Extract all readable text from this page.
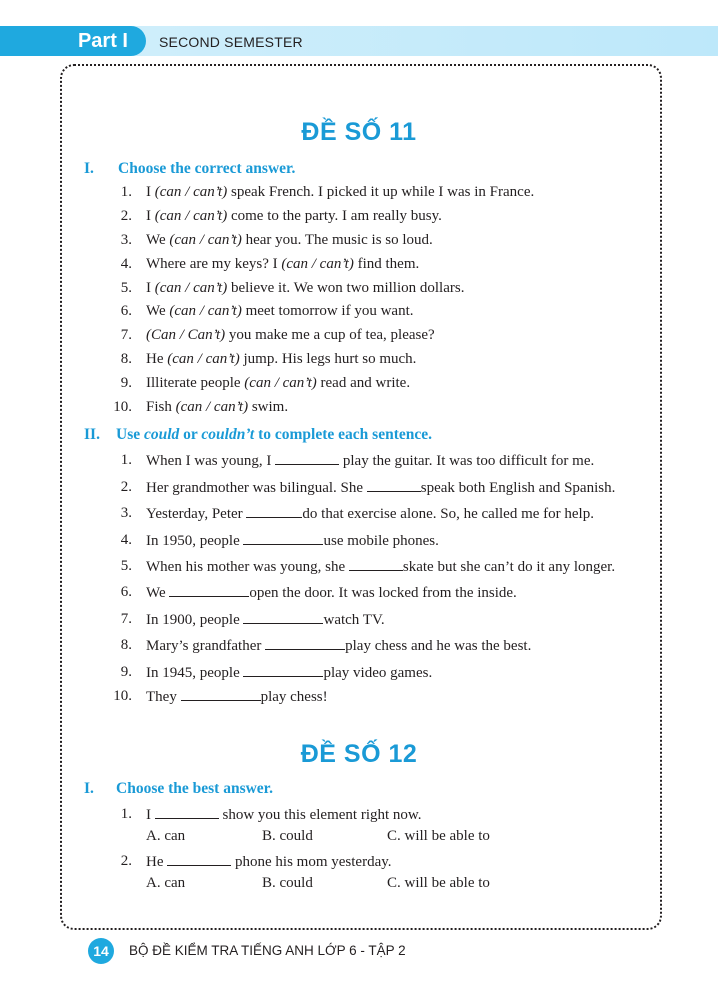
Part I	SECOND SEMESTER
ĐỀ SỐ 11
I. Choose the correct answer.
1. I (can / can’t) speak French. I picked it up while I was in France.
2. I (can / can’t) come to the party. I am really busy.
3. We (can / can’t) hear you. The music is so loud.
4. Where are my keys? I (can / can’t) find them.
5. I (can / can’t) believe it. We won two million dollars.
6. We (can / can’t) meet tomorrow if you want.
7. (Can / Can’t) you make me a cup of tea, please?
8. He (can / can’t) jump. His legs hurt so much.
9. Illiterate people (can / can’t) read and write.
10. Fish (can / can’t) swim.
II. Use could or couldn’t to complete each sentence.
1. When I was young, I	play the guitar. It was too difficult for me.
2. Her grandmother was bilingual. She	speak both English and Spanish.
3. Yesterday, Peter	do that exercise alone. So, he called me for help.
4. In 1950, people	use mobile phones.
5. When his mother was young, she	skate but she can’t do it any longer.
6. We	open the door. It was locked from the inside.
7. In 1900, people	watch TV.
8. Mary’s grandfather	play chess and he was the best.
9. In 1945, people	play video games.
10. They	play chess!
ĐỀ SỐ 12
I. Choose the best answer.
1. I	show you this element right now.
A. can	B. could	C. will be able to
2. He	phone his mom yesterday.
A. can	B. could	C. will be able to
14	BỘ ĐỀ KIỂM TRA TIẾNG ANH LỚP 6 - TẬP 2
